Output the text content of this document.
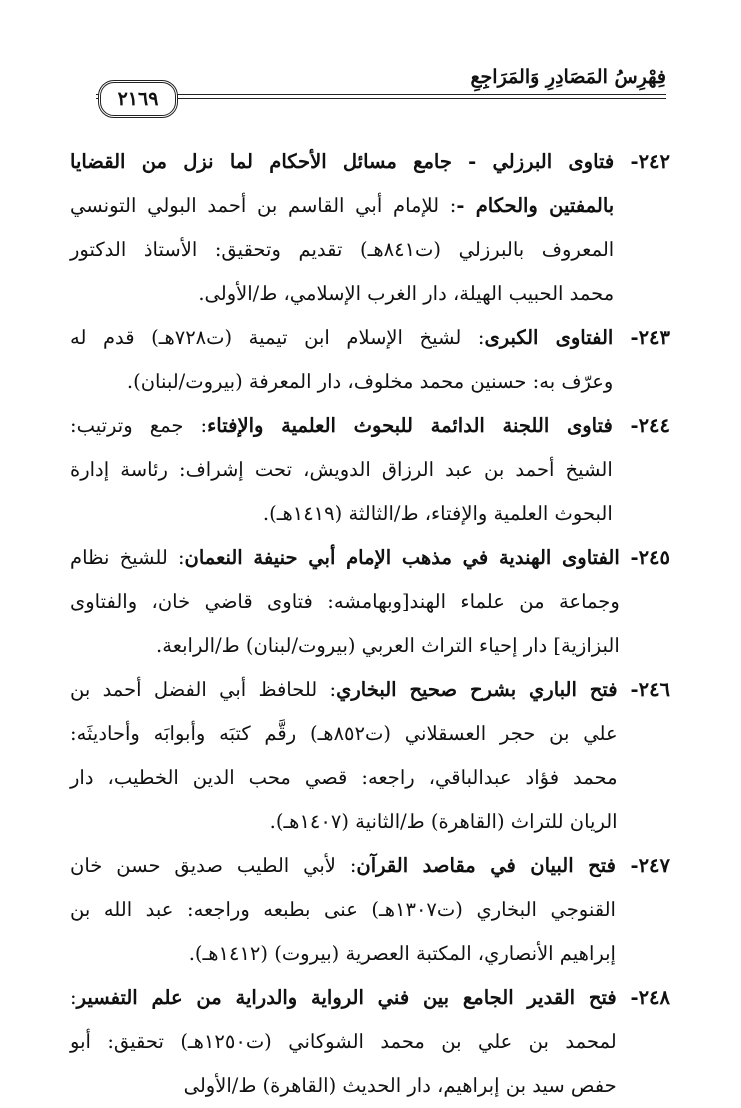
فِهْرِسُ المَصَادِرِ وَالمَرَاجِعِ
٢١٦٩
٢٤٢- فتاوى البرزلي - جامع مسائل الأحكام لما نزل من القضايا
بالمفتين والحكام -: للإمام أبي القاسم بن أحمد البولي التونسي
المعروف بالبرزلي (ت٨٤١هـ) تقديم وتحقيق: الأستاذ الدكتور
محمد الحبيب الهيلة، دار الغرب الإسلامي، ط/الأولى.
٢٤٣- الفتاوى الكبرى: لشيخ الإسلام ابن تيمية (ت٧٢٨هـ) قدم له
وعرّف به: حسنين محمد مخلوف، دار المعرفة (بيروت/لبنان).
٢٤٤- فتاوى اللجنة الدائمة للبحوث العلمية والإفتاء: جمع وترتيب:
الشيخ أحمد بن عبد الرزاق الدويش، تحت إشراف: رئاسة إدارة
البحوث العلمية والإفتاء، ط/الثالثة (١٤١٩هـ).
٢٤٥- الفتاوى الهندية في مذهب الإمام أبي حنيفة النعمان: للشيخ نظام
وجماعة من علماء الهند[وبهامشه: فتاوى قاضي خان، والفتاوى
البزازية] دار إحياء التراث العربي (بيروت/لبنان) ط/الرابعة.
٢٤٦- فتح الباري بشرح صحيح البخاري: للحافظ أبي الفضل أحمد بن
علي بن حجر العسقلاني (ت٨٥٢هـ) رقَّم كتبَه وأبوابَه وأحاديثَه:
محمد فؤاد عبدالباقي، راجعه: قصي محب الدين الخطيب، دار
الريان للتراث (القاهرة) ط/الثانية (١٤٠٧هـ).
٢٤٧- فتح البيان في مقاصد القرآن: لأبي الطيب صديق حسن خان
القنوجي البخاري (ت١٣٠٧هـ) عنى بطبعه وراجعه: عبد الله بن
إبراهيم الأنصاري، المكتبة العصرية (بيروت) (١٤١٢هـ).
٢٤٨- فتح القدير الجامع بين فني الرواية والدراية من علم التفسير:
لمحمد بن علي بن محمد الشوكاني (ت١٢٥٠هـ) تحقيق: أبو
حفص سيد بن إبراهيم، دار الحديث (القاهرة) ط/الأولى
